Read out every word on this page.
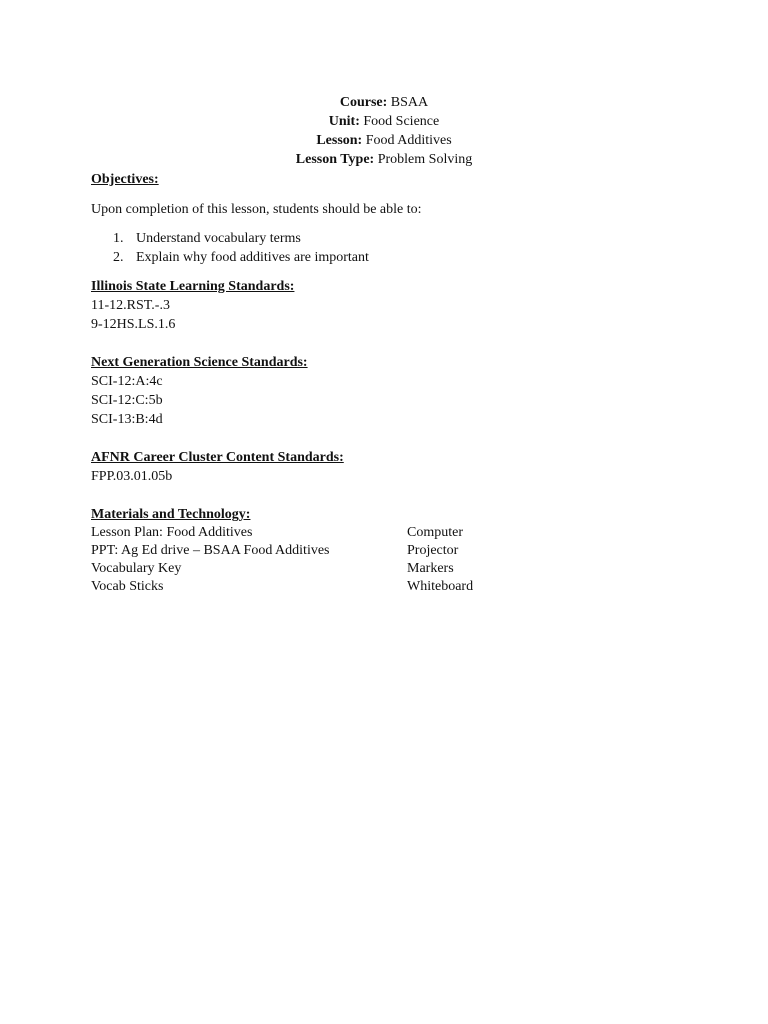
Course: BSAA
Unit: Food Science
Lesson: Food Additives
Lesson Type: Problem Solving
Objectives:
Upon completion of this lesson, students should be able to:
1. Understand vocabulary terms
2. Explain why food additives are important
Illinois State Learning Standards:
11-12.RST.-.3
9-12HS.LS.1.6
Next Generation Science Standards:
SCI-12:A:4c
SCI-12:C:5b
SCI-13:B:4d
AFNR Career Cluster Content Standards:
FPP.03.01.05b
Materials and Technology:
Lesson Plan: Food Additives	Computer
PPT: Ag Ed drive – BSAA Food Additives	Projector
Vocabulary Key	Markers
Vocab Sticks	Whiteboard
